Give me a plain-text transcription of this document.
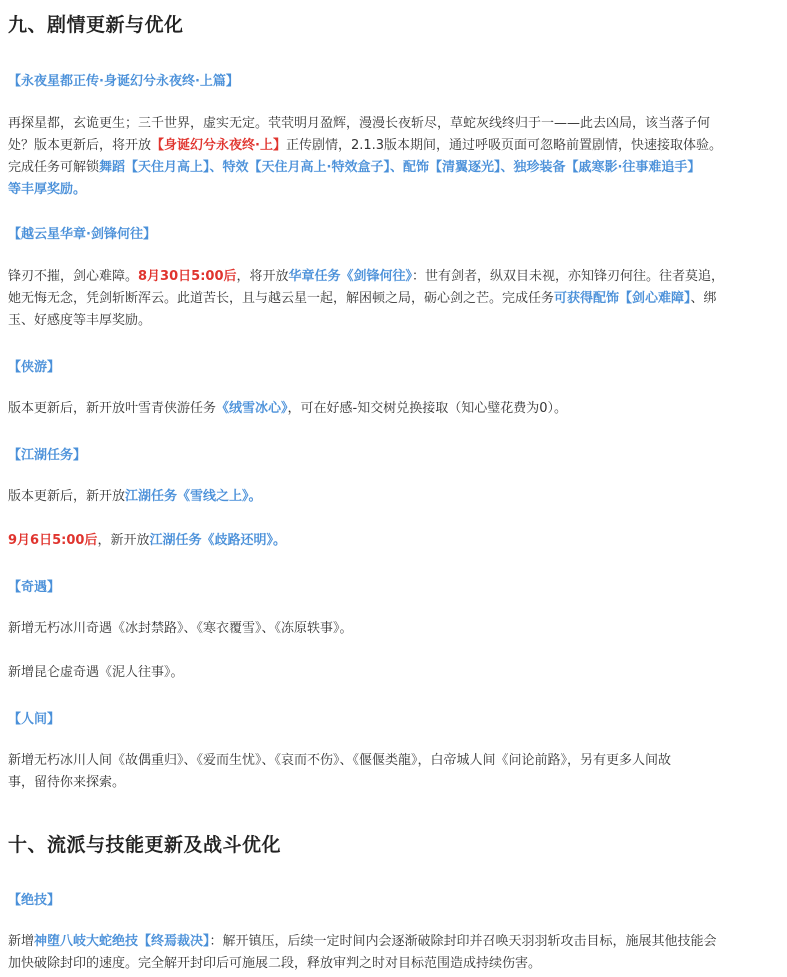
九、剧情更新与优化
【永夜星都正传·身诞幻兮永夜终·上篇】
再探星都，玄诡更生；三千世界，虚实无定。茕茕明月盈辉，漫漫长夜斩尽，草蛇灰线终归于一——此去凶局，该当落子何
处？版本更新后，将开放【身诞幻兮永夜终·上】正传剧情，2.1.3版本期间，通过呼吸页面可忽略前置剧情，快速接取体验。
完成任务可解锁舞蹈【天住月高上】、特效【天住月高上·特效盒子】、配饰【清翼逐光】、独珍装备【戚寒影·往事难追手】
等丰厚奖励。
【越云星华章·剑锋何往】
锋刃不摧，剑心难障。8月30日5:00后，将开放华章任务《剑锋何往》：世有剑者，纵双目未视，亦知锋刃何往。往者莫追，
她无悔无念，凭剑斩断浑云。此道苦长，且与越云星一起，解困顿之局，砺心剑之芒。完成任务可获得配饰【剑心难障】、绑
玉、好感度等丰厚奖励。
【侠游】
版本更新后，新开放叶雪青侠游任务《绒雪冰心》，可在好感-知交树兑换接取（知心璧花费为0）。
【江湖任务】
版本更新后，新开放江湖任务《雪线之上》。
9月6日5:00后，新开放江湖任务《歧路还明》。
【奇遇】
新增无朽冰川奇遇《冰封禁路》、《寒衣覆雪》、《冻原轶事》。
新增昆仑虚奇遇《泥人往事》。
【人间】
新增无朽冰川人间《故偶重归》、《爱而生忧》、《哀而不伤》、《偃偃类龍》，白帝城人间《问论前路》，另有更多人间故
事，留待你来探索。
十、流派与技能更新及战斗优化
【绝技】
新增神堕八岐大蛇绝技【终焉裁决】：解开镇压，后续一定时间内会逐渐破除封印并召唤天羽羽斩攻击目标，施展其他技能会
加快破除封印的速度。完全解开封印后可施展二段，释放审判之时对目标范围造成持续伤害。
